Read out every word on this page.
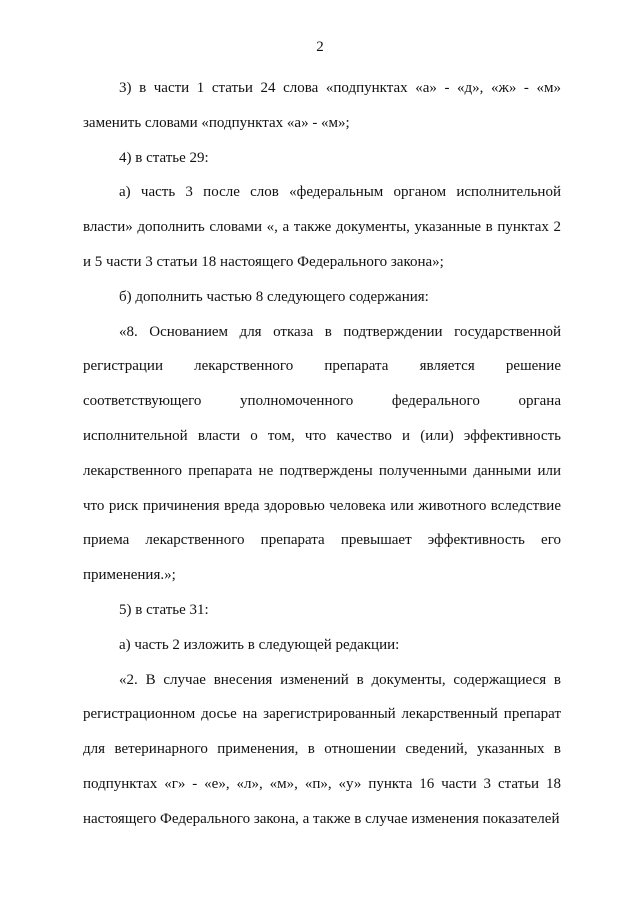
2

3) в части 1 статьи 24 слова «подпунктах «а» - «д», «ж» - «м» заменить словами «подпунктах «а» - «м»;

4) в статье 29:

а) часть 3 после слов «федеральным органом исполнительной власти» дополнить словами «, а также документы, указанные в пунктах 2 и 5 части 3 статьи 18 настоящего Федерального закона»;

б) дополнить частью 8 следующего содержания:

«8. Основанием для отказа в подтверждении государственной регистрации лекарственного препарата является решение соответствующего уполномоченного федерального органа исполнительной власти о том, что качество и (или) эффективность лекарственного препарата не подтверждены полученными данными или что риск причинения вреда здоровью человека или животного вследствие приема лекарственного препарата превышает эффективность его применения.»;

5) в статье 31:

а) часть 2 изложить в следующей редакции:

«2. В случае внесения изменений в документы, содержащиеся в регистрационном досье на зарегистрированный лекарственный препарат для ветеринарного применения, в отношении сведений, указанных в подпунктах «г» - «е», «л», «м», «п», «у» пункта 16 части 3 статьи 18 настоящего Федерального закона, а также в случае изменения показателей
